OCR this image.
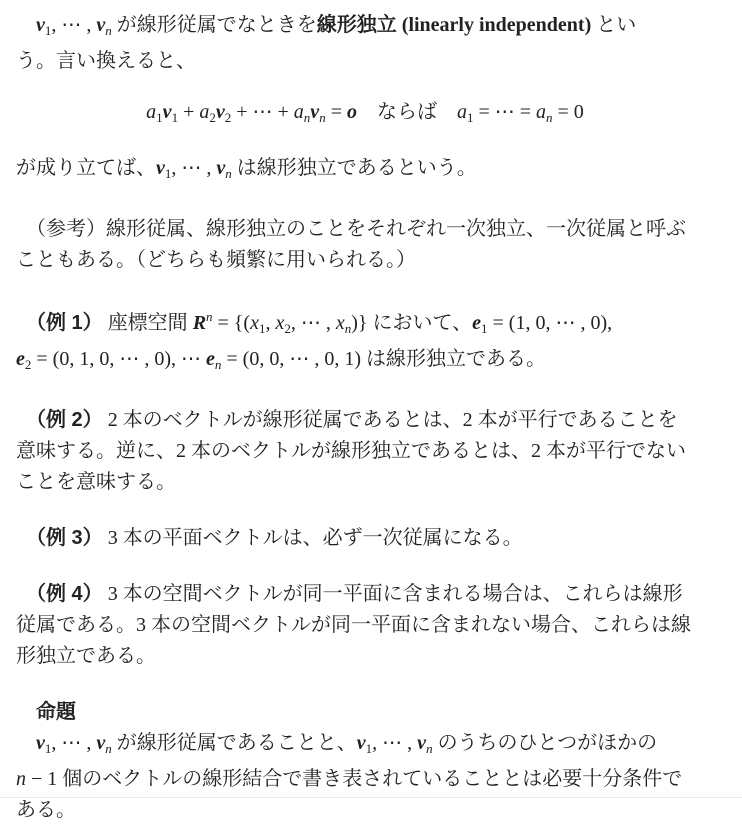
　$v_1$, ⋯ , $v_n$ が線形従属でなときを線形独立 (linearly independent) とい
う。言い換えると、
$a_1v_1 + a_2v_2$ + ⋯ + $a_nv_n = o$　ならば　$a_1$ = ⋯ = $a_n = 0$
が成り立てば、$v_1$, ⋯ , $v_n$ は線形独立であるという。
　（参考）線形従属、線形独立のことをそれぞれ一次独立、一次従属と呼ぶ
こともある。（どちらも頻繁に用いられる。）
　（例 1） 座標空間 $R^n = \{(x_1$, $x_2$, ⋯ , $x_n$)} において、$e_1 = (1$, 0, ⋯ , 0),
$e_2 = (0$, 1, 0, ⋯ , 0), ⋯ $e_n = (0$, 0, ⋯ , 0, 1) は線形独立である。
　（例 2） 2 本のベクトルが線形従属であるとは、2 本が平行であることを
意味する。逆に、2 本のベクトルが線形独立であるとは、2 本が平行でない
ことを意味する。
　（例 3） 3 本の平面ベクトルは、必ず一次従属になる。
　（例 4） 3 本の空間ベクトルが同一平面に含まれる場合は、これらは線形
従属である。3 本の空間ベクトルが同一平面に含まれない場合、これらは線
形独立である。
　命題
　$v_1$, ⋯ , $v_n$ が線形従属であることと、$v_1$, ⋯ , $v_n$ のうちのひとつがほかの
n − 1 個のベクトルの線形結合で書き表されていることとは必要十分条件で
ある。
